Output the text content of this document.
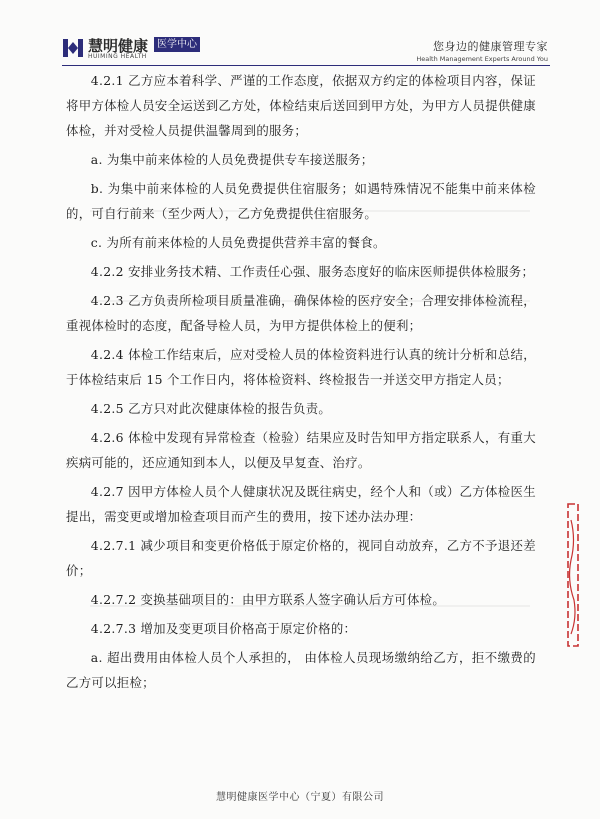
慧明健康 医学中心
HUIMING HEALTH
您身边的健康管理专家
Health Management Experts Around You

4.2.1 乙方应本着科学、严谨的工作态度，依据双方约定的体检项目内容，保证将甲方体检人员安全运送到乙方处，体检结束后送回到甲方处，为甲方人员提供健康体检，并对受检人员提供温馨周到的服务；

a. 为集中前来体检的人员免费提供专车接送服务；

b. 为集中前来体检的人员免费提供住宿服务；如遇特殊情况不能集中前来体检的，可自行前来（至少两人），乙方免费提供住宿服务。

c. 为所有前来体检的人员免费提供营养丰富的餐食。

4.2.2 安排业务技术精、工作责任心强、服务态度好的临床医师提供体检服务；

4.2.3 乙方负责所检项目质量准确，确保体检的医疗安全；合理安排体检流程，重视体检时的态度，配备导检人员，为甲方提供体检上的便利；

4.2.4 体检工作结束后，应对受检人员的体检资料进行认真的统计分析和总结，于体检结束后 15 个工作日内，将体检资料、终检报告一并送交甲方指定人员；

4.2.5 乙方只对此次健康体检的报告负责。

4.2.6 体检中发现有异常检查（检验）结果应及时告知甲方指定联系人，有重大疾病可能的，还应通知到本人，以便及早复查、治疗。

4.2.7 因甲方体检人员个人健康状况及既往病史，经个人和（或）乙方体检医生提出，需变更或增加检查项目而产生的费用，按下述办法办理：

4.2.7.1 减少项目和变更价格低于原定价格的，视同自动放弃，乙方不予退还差价；

4.2.7.2 变换基础项目的：由甲方联系人签字确认后方可体检。

4.2.7.3 增加及变更项目价格高于原定价格的：

a. 超出费用由体检人员个人承担的， 由体检人员现场缴纳给乙方，拒不缴费的乙方可以拒检；

慧明健康医学中心（宁夏）有限公司
